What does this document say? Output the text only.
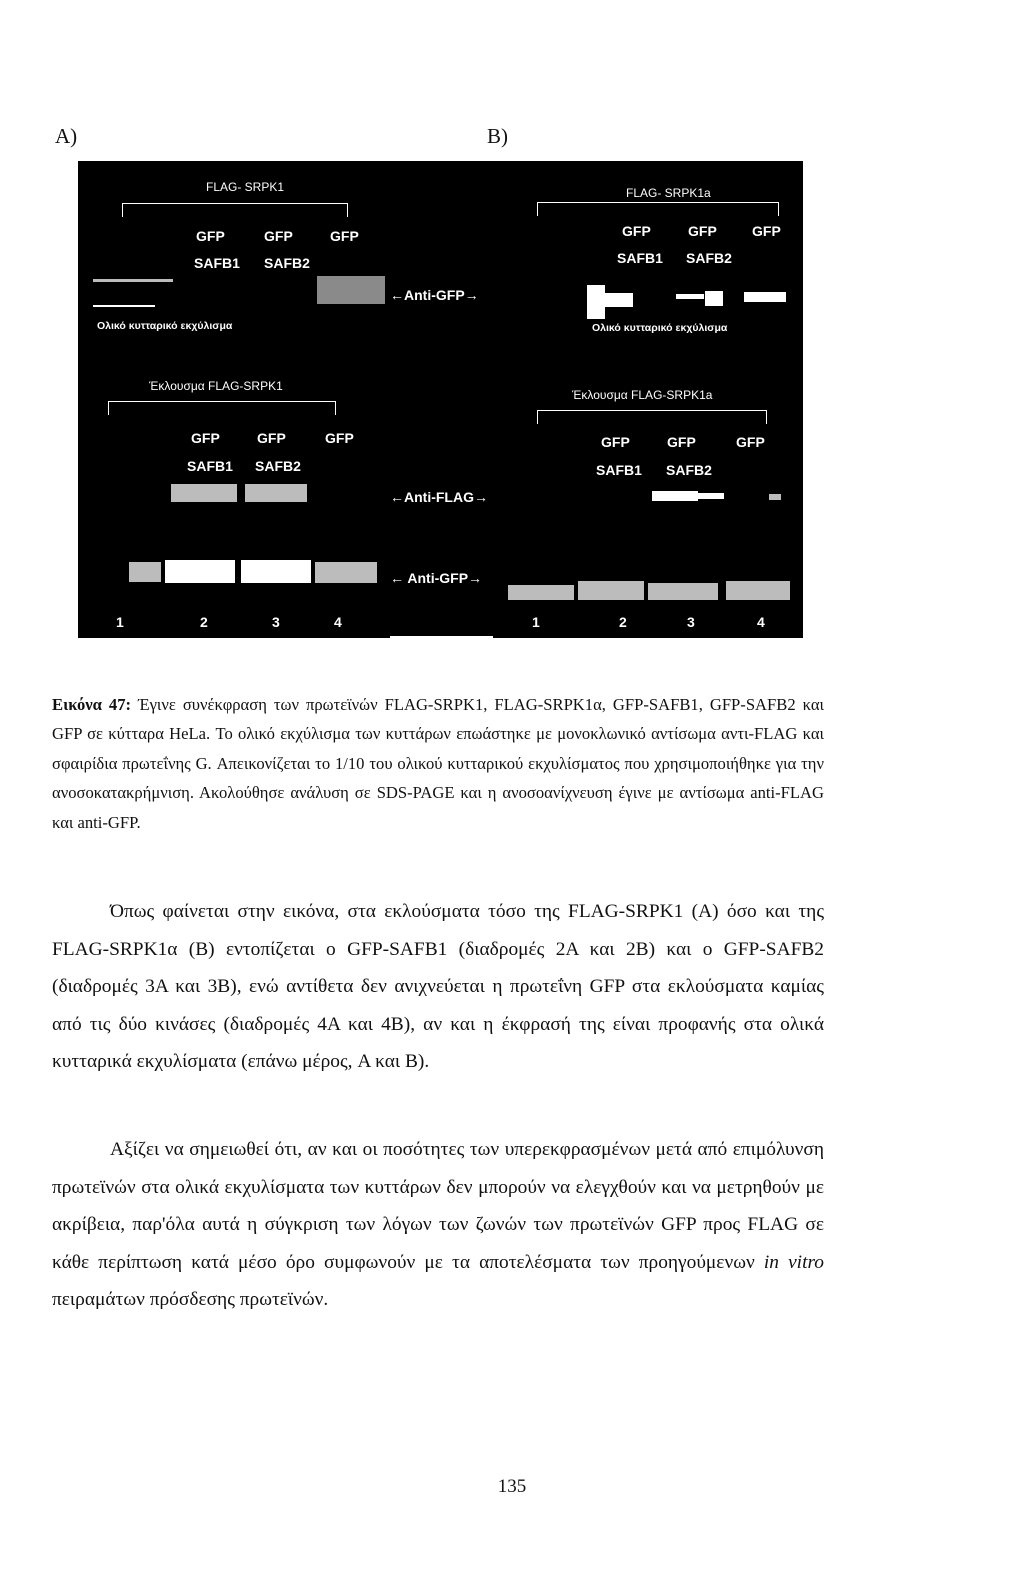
A)	B)
FLAG- SRPK1
GFP	GFP	GFP
SAFB1 SAFB2
Ολικό κυτταρικό εκχύλισμα
Έκλουσμα FLAG-SRPK1
GFP	GFP	GFP
SAFB1 SAFB2
1	2	3	4
←Anti-GFP→
←Anti-FLAG→
← Anti-GFP→
FLAG- SRPK1a
GFP	GFP	GFP
SAFB1 SAFB2
Ολικό κυτταρικό εκχύλισμα
Έκλουσμα FLAG-SRPK1a
GFP	GFP	GFP
SAFB1 SAFB2
1	2	3	4
Εικόνα 47: Έγινε συνέκφραση των πρωτεϊνών FLAG-SRPK1, FLAG-SRPK1α, GFP-SAFB1, GFP-SAFB2 και GFP σε κύτταρα HeLa. Το ολικό εκχύλισμα των κυττάρων επωάστηκε με μονοκλωνικό αντίσωμα αντι-FLAG και σφαιρίδια πρωτεΐνης G. Απεικονίζεται το 1/10 του ολικού κυτταρικού εκχυλίσματος που χρησιμοποιήθηκε για την ανοσοκατακρήμνιση. Ακολούθησε ανάλυση σε SDS-PAGE και η ανοσοανίχνευση έγινε με αντίσωμα anti-FLAG και anti-GFP.
Όπως φαίνεται στην εικόνα, στα εκλούσματα τόσο της FLAG-SRPK1 (A) όσο και της FLAG-SRPK1α (B) εντοπίζεται ο GFP-SAFB1 (διαδρομές 2A και 2B) και ο GFP-SAFB2 (διαδρομές 3A και 3B), ενώ αντίθετα δεν ανιχνεύεται η πρωτεΐνη GFP στα εκλούσματα καμίας από τις δύο κινάσες (διαδρομές 4A και 4B), αν και η έκφρασή της είναι προφανής στα ολικά κυτταρικά εκχυλίσματα (επάνω μέρος, A και B).
Αξίζει να σημειωθεί ότι, αν και οι ποσότητες των υπερεκφρασμένων μετά από επιμόλυνση πρωτεϊνών στα ολικά εκχυλίσματα των κυττάρων δεν μπορούν να ελεγχθούν και να μετρηθούν με ακρίβεια, παρ'όλα αυτά η σύγκριση των λόγων των ζωνών των πρωτεϊνών GFP προς FLAG σε κάθε περίπτωση κατά μέσο όρο συμφωνούν με τα αποτελέσματα των προηγούμενων in vitro πειραμάτων πρόσδεσης πρωτεϊνών.
135
